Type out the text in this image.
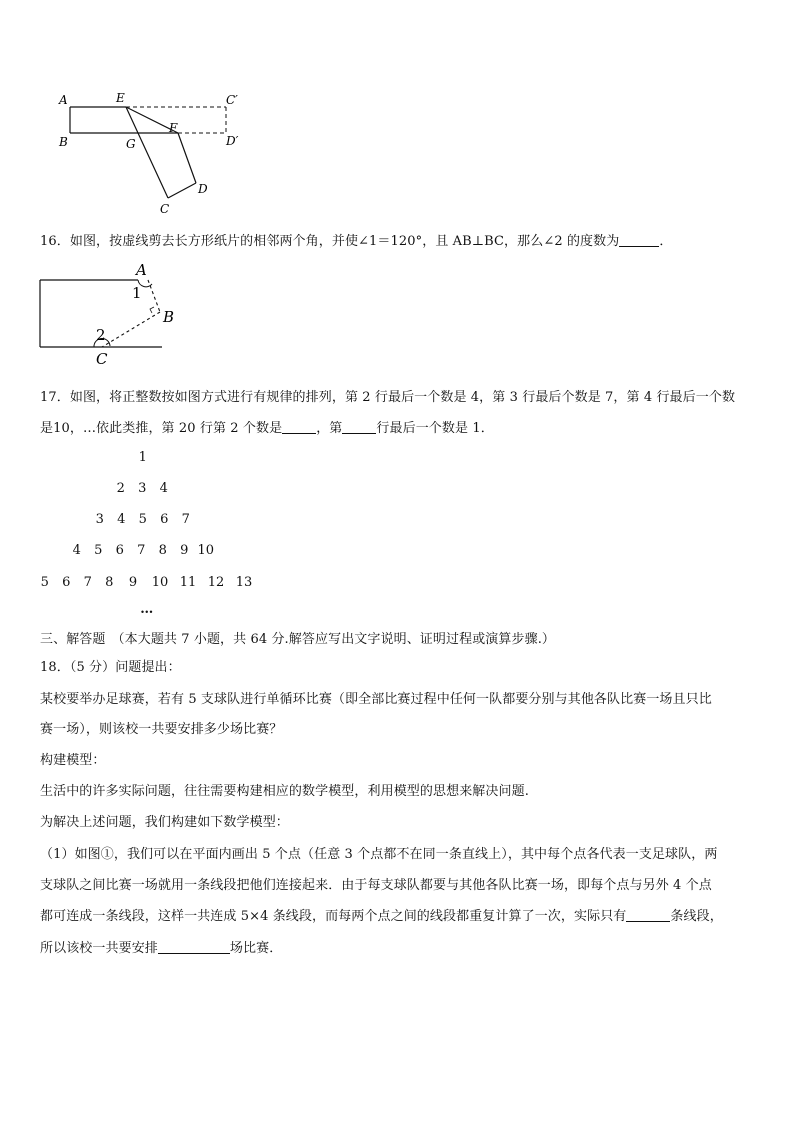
A
B
E	C′
F
G	D′
C
D
16．如图，按虚线剪去长方形纸片的相邻两个角，并使∠1＝120°，且 AB⊥BC，那么∠2 的度数为	．
A
1
B
2
C
17．如图，将正整数按如图方式进行有规律的排列，第 2 行最后一个数是 4，第 3 行最后个数是 7，第 4 行最后一个数
是10，…依此类推，第 20 行第 2 个数是	，第	行最后一个数是 1．
1
2 3 4
3 4 5 6 7
4 5 6 7 8 9 10
5 6 7 8 9 10 11 12 13
…
三、解答题 （本大题共 7 小题，共 64 分.解答应写出文字说明、证明过程或演算步骤.）
18．（5 分）问题提出：
某校要举办足球赛，若有 5 支球队进行单循环比赛（即全部比赛过程中任何一队都要分别与其他各队比赛一场且只比
赛一场），则该校一共要安排多少场比赛？
构建模型：
生活中的许多实际问题，往往需要构建相应的数学模型，利用模型的思想来解决问题.
为解决上述问题，我们构建如下数学模型：
（1）如图①，我们可以在平面内画出 5 个点（任意 3 个点都不在同一条直线上），其中每个点各代表一支足球队，两
支球队之间比赛一场就用一条线段把他们连接起来．由于每支球队都要与其他各队比赛一场，即每个点与另外 4 个点
都可连成一条线段，这样一共连成 5×4 条线段，而每两个点之间的线段都重复计算了一次，实际只有	条线段，
所以该校一共要安排	场比赛．
